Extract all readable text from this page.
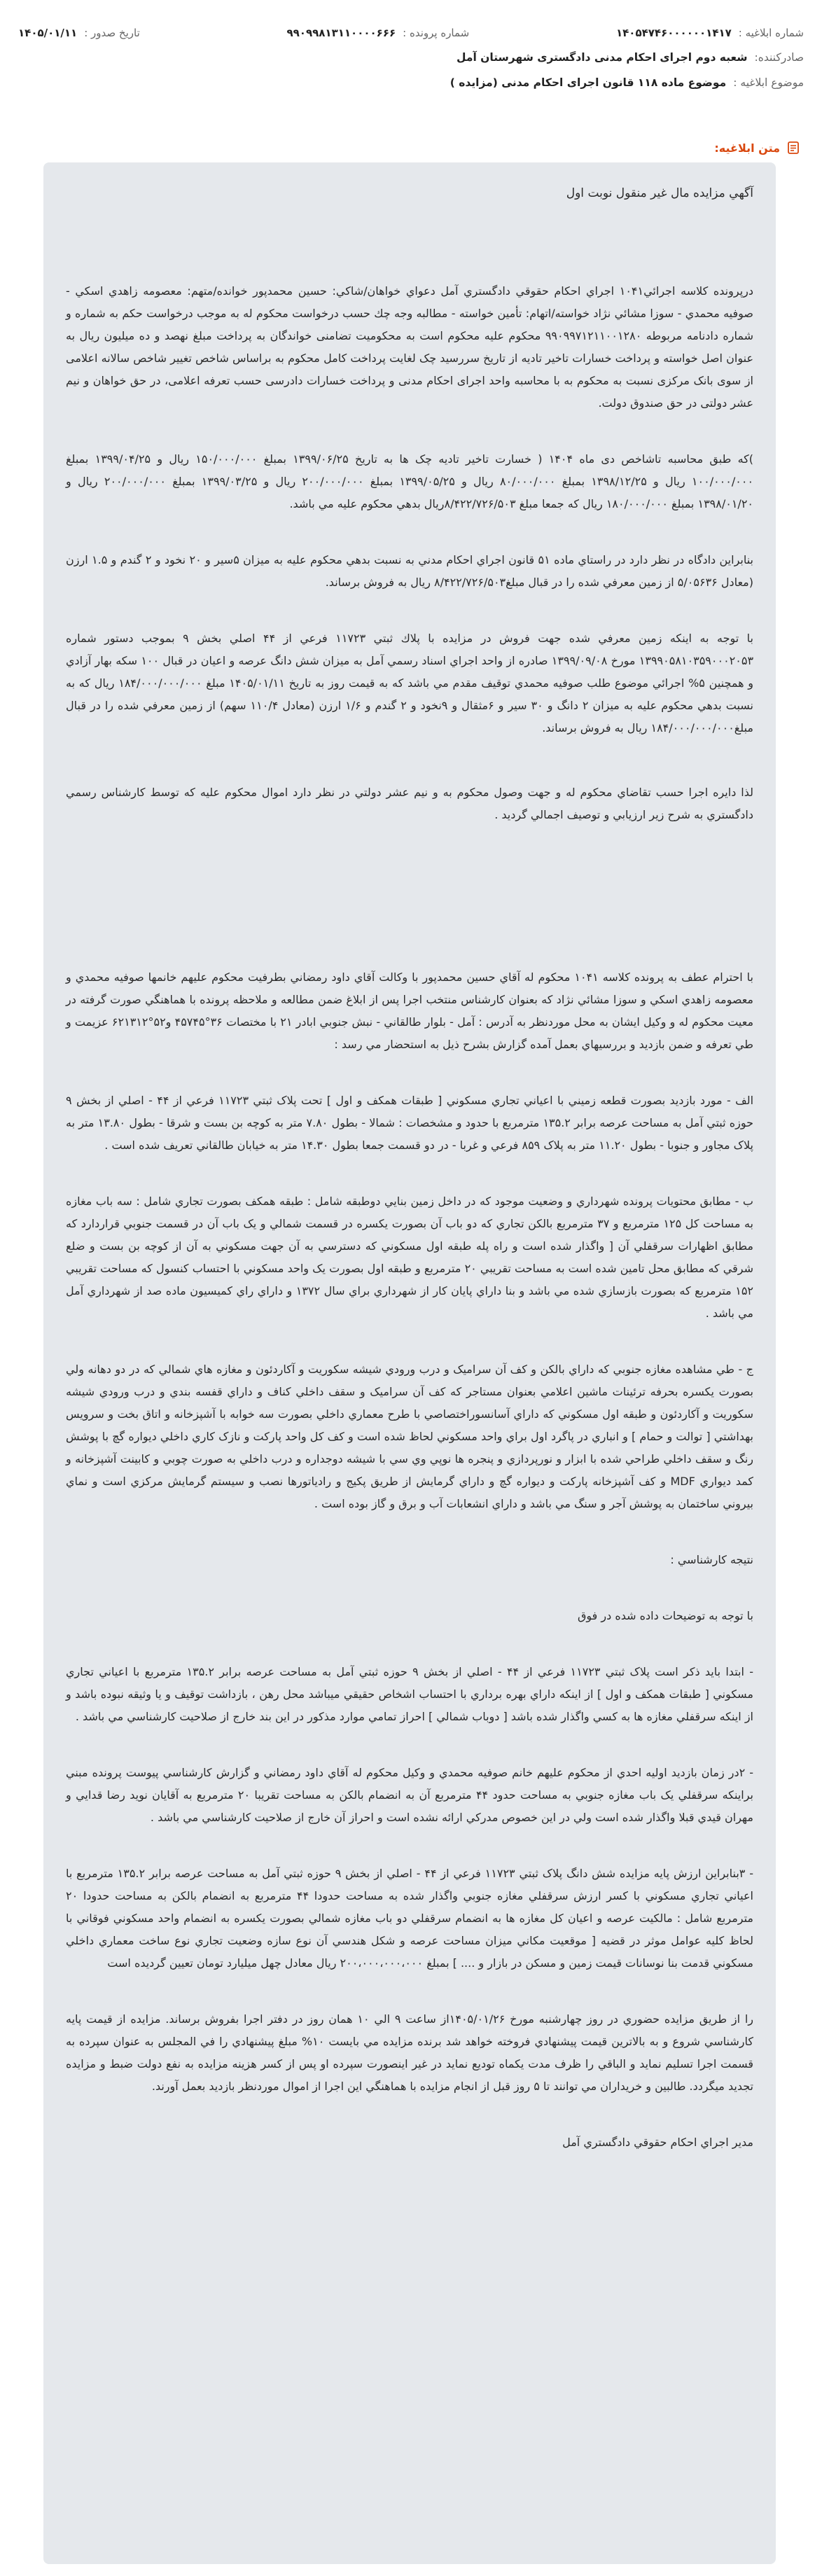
شماره ابلاغیه :
۱۴۰۵۴۷۴۶۰۰۰۰۰۰۱۴۱۷
شماره پرونده :
۹۹۰۹۹۸۱۳۱۱۰۰۰۰۶۶۶
تاریخ صدور :
۱۴۰۵/۰۱/۱۱
صادرکننده:
شعبه دوم اجرای احکام مدنی دادگستری شهرستان آمل
موضوع ابلاغیه :
موضوع ماده ۱۱۸ قانون اجرای احکام مدنی (مزایده )
متن ابلاغیه:

آگهي مزايده مال غير منقول نوبت اول

درپرونده كلاسه اجرائي۱۰۴۱ اجراي احكام حقوقي دادگستري آمل دعواي خواهان/شاكي: حسين محمدپور خوانده/متهم: معصومه زاهدي اسكي - صوفيه محمدي - سوزا مشائي نژاد خواسته/اتهام: تأمين خواسته - مطالبه وجه چك حسب درخواست محكوم له به موجب درخواست حكم به شماره و شماره دادنامه مربوطه ۹۹۰۹۹۷۱۲۱۱۰۰۱۲۸۰ محكوم عليه محكوم است به محکومیت تضامنی خواندگان به پرداخت مبلغ نهصد و ده میلیون ریال به عنوان اصل خواسته و پرداخت خسارات تاخیر تادیه از تاریخ سررسید چک لغایت پرداخت کامل محکوم به براساس شاخص تغییر شاخص سالانه اعلامی از سوی بانک مرکزی نسبت به محکوم به با محاسبه واحد اجرای احکام مدنی و پرداخت خسارات دادرسی حسب تعرفه اعلامی، در حق خواهان و نیم عشر دولتی در حق صندوق دولت.

)که طبق محاسبه تاشاخص دی ماه ۱۴۰۴ ( خسارت تاخير تاديه چک ها به تاريخ ۱۳۹۹/۰۶/۲۵ بمبلغ ۱۵۰/۰۰۰/۰۰۰ ريال و ۱۳۹۹/۰۴/۲۵ بمبلغ ۱۰۰/۰۰۰/۰۰۰ ريال و ۱۳۹۸/۱۲/۲۵ بمبلغ ۸۰/۰۰۰/۰۰۰ ريال و ۱۳۹۹/۰۵/۲۵ بمبلغ ۲۰۰/۰۰۰/۰۰۰ ريال و ۱۳۹۹/۰۳/۲۵ بمبلغ ۲۰۰/۰۰۰/۰۰۰ ريال و ۱۳۹۸/۰۱/۲۰ بمبلغ ۱۸۰/۰۰۰/۰۰۰ ريال که جمعا مبلغ ۸/۴۲۲/۷۲۶/۵۰۳ريال بدهي محكوم عليه مي باشد.

بنابراين دادگاه در نظر دارد در راستاي ماده ۵۱ قانون اجراي احکام مدني به نسبت بدهي محکوم عليه به ميزان ۵سير و ۲۰ نخود و ۲ گندم و ۱.۵ ارزن (معادل ۵/۰۵۶۳۶ از زمين معرفي شده را در قبال مبلغ۸/۴۲۲/۷۲۶/۵۰۳ ريال به فروش برساند.

با توجه به اینکه زمين معرفي شده جهت فروش در مزايده با پلاك ثبتي ۱۱۷۲۳ فرعي از ۴۴ اصلي بخش ۹ بموجب دستور شماره ۱۳۹۹۰۵۸۱۰۳۵۹۰۰۰۲۰۵۳ مورخ ۱۳۹۹/۰۹/۰۸ صادره از واحد اجراي اسناد رسمي آمل به ميزان شش دانگ عرصه و اعيان در قبال ۱۰۰ سکه بهار آزادي و همچنين ۵% اجرائي موضوع طلب صوفيه محمدي توقيف مقدم مي باشد که به قيمت روز به تاريخ ۱۴۰۵/۰۱/۱۱ مبلغ ۱۸۴/۰۰۰/۰۰۰/۰۰۰ ريال كه به نسبت بدهي محكوم عليه به ميزان ۲ دانگ و ۳۰ سير و ۶مثقال و ۹نخود و ۲ گندم و ۱/۶ ارزن (معادل ۱۱۰/۴ سهم) از زمين معرفي شده را در قبال مبلغ۱۸۴/۰۰۰/۰۰۰/۰۰۰ ريال به فروش برساند.

لذا دايره اجرا حسب تقاضاي محكوم له و جهت وصول محكوم به و نيم عشر دولتي در نظر دارد اموال محكوم عليه كه توسط كارشناس رسمي دادگستري به شرح زير ارزيابي و توصيف اجمالي گرديد .

با احترام عطف به پرونده کلاسه ۱۰۴۱ محکوم له آقاي حسين محمدپور با وکالت آقاي داود رمضاني بطرفيت محکوم عليهم خانمها صوفيه محمدي و معصومه زاهدي اسکي و سوزا مشائي نژاد که بعنوان کارشناس منتخب اجرا پس از ابلاغ ضمن مطالعه و ملاحظه پرونده با هماهنگي صورت گرفته در معيت محکوم له و وکيل ايشان به محل موردنظر به آدرس : آمل - بلوار طالقاني - نبش جنوبي ابادر ۲۱ با مختصات ۳۶°۴۵۷۴۵ و۵۲°۶۲۱۳۱۲ عزيمت و طي تعرفه و ضمن بازديد و بررسيهاي بعمل آمده گزارش بشرح ذيل به استحضار مي رسد :

الف - مورد بازديد بصورت قطعه زميني با اعياني تجاري مسکوني [ طبقات همکف و اول ] تحت پلاک ثبتي ۱۱۷۲۳ فرعي از ۴۴ - اصلي از بخش ۹ حوزه ثبتي آمل به مساحت عرصه برابر ۱۳۵.۲ مترمربع با حدود و مشخصات : شمالا - بطول ۷.۸۰ متر به کوچه بن بست و شرقا - بطول ۱۳.۸۰ متر به پلاک مجاور و جنوبا - بطول ۱۱.۲۰ متر به پلاک ۸۵۹ فرعي و غربا - در دو قسمت جمعا بطول ۱۴.۳۰ متر به خيابان طالقاني تعريف شده است .

ب - مطابق محتويات پرونده شهرداري و وضعيت موجود که در داخل زمين بنايي دوطبقه شامل : طبقه همکف بصورت تجاري شامل : سه باب مغازه به مساحت کل ۱۲۵ مترمربع و ۳۷ مترمربع بالکن تجاري که دو باب آن بصورت يکسره در قسمت شمالي و يک باب آن در قسمت جنوبي قراردارد که مطابق اظهارات سرقفلي آن [ واگذار شده است و راه پله طبقه اول مسکوني که دسترسي به آن جهت مسکوني به آن از کوچه بن بست و ضلع شرقي که مطابق محل تامين شده است به مساحت تقريبي ۲۰ مترمربع و طبقه اول بصورت يک واحد مسکوني با احتساب کنسول که مساحت تقريبي ۱۵۲ مترمربع که بصورت بازسازي شده مي باشد و بنا داراي پايان کار از شهرداري براي سال ۱۳۷۲ و داراي راي کميسيون ماده صد از شهرداري آمل مي باشد .

ج - طي مشاهده مغازه جنوبي که داراي بالکن و کف آن سراميک و درب ورودي شيشه سکوريت و آکاردئون و مغازه هاي شمالي که در دو دهانه ولي بصورت يکسره بحرفه ترئينات ماشين اعلامي بعنوان مستاجر که کف آن سراميک و سقف داخلي کناف و داراي قفسه بندي و درب ورودي شيشه سکوريت و آکاردئون و طبقه اول مسکوني که داراي آسانسوراختصاصي با طرح معماري داخلي بصورت سه خوابه با آشپزخانه و اتاق بخت و سرويس بهداشتي [ توالت و حمام ] و انباري در پاگرد اول براي واحد مسکوني لحاظ شده است و کف کل واحد پارکت و نازک کاري داخلي ديواره گچ با پوشش رنگ و سقف داخلي طراحي شده با ابزار و نورپردازي و پنجره ها نوپي وي سي با شيشه دوجداره و درب داخلي به صورت چوبي و کابينت آشپزخانه و کمد ديواري MDF و کف آشپزخانه پارکت و ديواره گچ و داراي گرمايش از طريق پکيج و رادياتورها نصب و سيستم گرمايش مرکزي است و نماي بيروني ساختمان به پوشش آجر و سنگ مي باشد و داراي انشعابات آب و برق و گاز بوده است .

نتيجه کارشناسي :

با توجه به توضيحات داده شده در فوق

- ابتدا باید ذکر است پلاک ثبتي ۱۱۷۲۳ فرعي از ۴۴ - اصلي از بخش ۹ حوزه ثبتي آمل به مساحت عرصه برابر ۱۳۵.۲ مترمربع با اعياني تجاري مسکوني [ طبقات همکف و اول ] از اينکه داراي بهره برداري با احتساب اشخاص حقيقي ميباشد محل رهن ، بازداشت توقيف و يا وثيقه نبوده باشد و از اينکه سرقفلي مغازه ها به کسي واگذار شده باشد [ دوباب شمالي ] احراز تمامي موارد مذکور در اين بند خارج از صلاحيت کارشناسي مي باشد .

- ۲در زمان بازديد اوليه احدي از محکوم عليهم خانم صوفيه محمدي و وکيل محکوم له آقاي داود رمضاني و گزارش کارشناسي پيوست پرونده مبني براينکه سرقفلي يک باب مغازه جنوبي به مساحت حدود ۴۴ مترمربع آن به انضمام بالکن به مساحت تقريبا ۲۰ مترمربع به آقايان نويد رضا قدايي و مهران قيدي قبلا واگذار شده است ولي در اين خصوص مدرکي ارائه نشده است و احراز آن خارج از صلاحيت کارشناسي مي باشد .

- ۳بنابراين ارزش پايه مزايده شش دانگ پلاک ثبتي ۱۱۷۲۳ فرعي از ۴۴ - اصلي از بخش ۹ حوزه ثبتي آمل به مساحت عرصه برابر ۱۳۵.۲ مترمربع با اعياني تجاري مسکوني با کسر ارزش سرقفلي مغازه جنوبي واگذار شده به مساحت حدودا ۴۴ مترمربع به انضمام بالکن به مساحت حدودا ۲۰ مترمربع شامل : مالکيت عرصه و اعيان کل مغازه ها به انضمام سرقفلي دو باب مغازه شمالي بصورت يکسره به انضمام واحد مسکوني فوقاني با لحاظ کليه عوامل موثر در قضيه [ موقعيت مکاني ميزان مساحت عرصه و شکل هندسي آن نوع سازه وضعيت تجاري نوع ساخت معماري داخلي مسکوني قدمت بنا نوسانات قيمت زمين و مسکن در بازار و .... ] بمبلغ ۲۰۰،۰۰۰،۰۰۰،۰۰۰ ريال معادل چهل ميليارد تومان تعيين گرديده است

را از طريق مزايده حضوري در روز چهارشنبه مورخ ۱۴۰۵/۰۱/۲۶از ساعت ۹ الي ۱۰ همان روز در دفتر اجرا بفروش برساند. مزايده از قيمت پايه كارشناسي شروع و به بالاترين قيمت پيشنهادي فروخته خواهد شد برنده مزايده مي بايست ۱۰% مبلغ پيشنهادي را في المجلس به عنوان سپرده به قسمت اجرا تسليم نمايد و الباقي را ظرف مدت يكماه توديع نمايد در غير اينصورت سپرده او پس از كسر هزينه مزايده به نفع دولت ضبط و مزايده تجديد ميگردد. طالبين و خريداران مي توانند تا ۵ روز قبل از انجام مزايده با هماهنگي اين اجرا از اموال موردنظر بازديد بعمل آورند.

مدير اجراي احكام حقوقي دادگستري آمل
